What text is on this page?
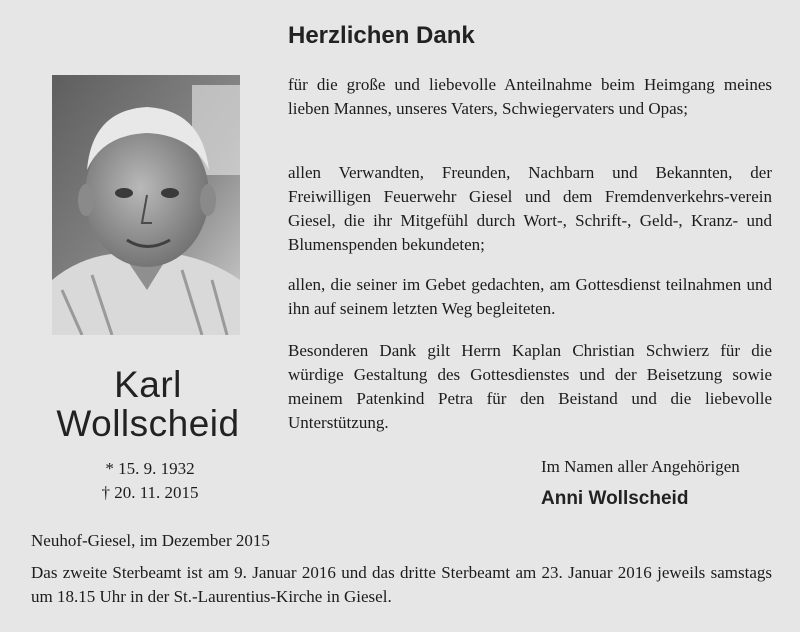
Karl
Wollscheid
* 15. 9. 1932
† 20. 11. 2015
Herzlichen Dank
für die große und liebevolle Anteilnahme beim Heimgang meines lieben Mannes, unseres Vaters, Schwiegervaters und Opas;
allen Verwandten, Freunden, Nachbarn und Bekannten, der Freiwilligen Feuerwehr Giesel und dem Fremdenverkehrs-verein Giesel, die ihr Mitgefühl durch Wort-, Schrift-, Geld-, Kranz- und Blumenspenden bekundeten;
allen, die seiner im Gebet gedachten, am Gottesdienst teilnahmen und ihn auf seinem letzten Weg begleiteten.
Besonderen Dank gilt Herrn Kaplan Christian Schwierz für die würdige Gestaltung des Gottesdienstes und der Beisetzung sowie meinem Patenkind Petra für den Beistand und die liebevolle Unterstützung.
Im Namen aller Angehörigen
Anni Wollscheid
Neuhof-Giesel, im Dezember 2015
Das zweite Sterbeamt ist am 9. Januar 2016 und das dritte Sterbeamt am 23. Januar 2016 jeweils samstags um 18.15 Uhr in der St.-Laurentius-Kirche in Giesel.
